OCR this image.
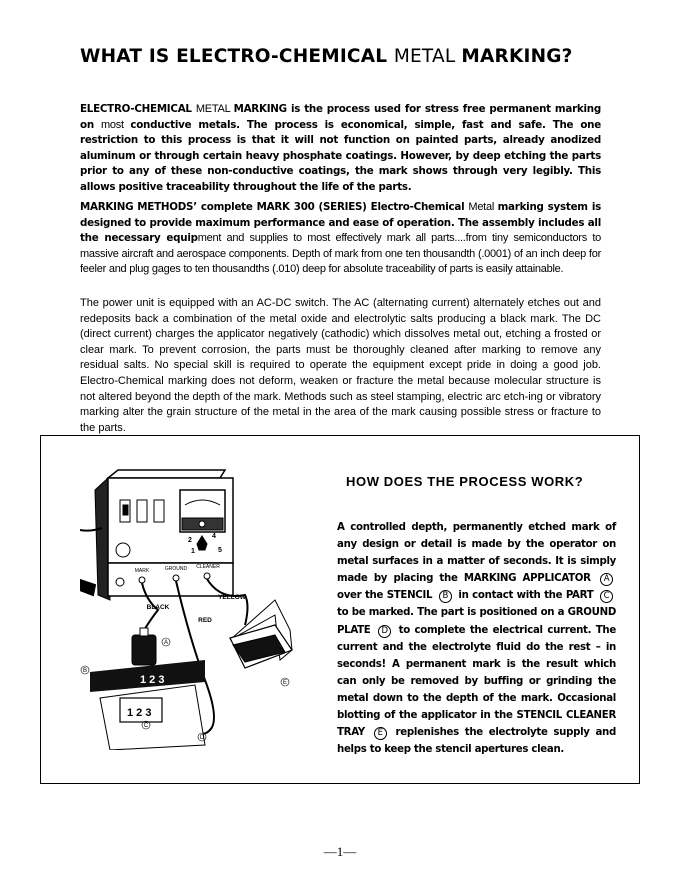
WHAT IS ELECTRO-CHEMICAL METAL MARKING?
ELECTRO-CHEMICAL METAL MARKING is the process used for stress free permanent marking on most conductive metals. The process is economical, simple, fast and safe. The one restriction to this process is that it will not function on painted parts, already anodized aluminum or through certain heavy phosphate coatings. However, by deep etching the parts prior to any of these non-conductive coatings, the mark shows through very legibly. This allows positive traceability throughout the life of the parts.
MARKING METHODS’ complete MARK 300 (SERIES) Electro-Chemical Metal marking system is designed to provide maximum performance and ease of operation. The assembly includes all the necessary equipment and supplies to most effectively mark all parts....from tiny semiconductors to massive aircraft and aerospace components. Depth of mark from one ten thousandth (.0001) of an inch deep for feeler and plug gages to ten thousandths (.010) deep for absolute traceability of parts is easily attainable.
The power unit is equipped with an AC-DC switch. The AC (alternating current) alternately etches out and redeposits back a combination of the metal oxide and electrolytic salts producing a black mark. The DC (direct current) charges the applicator negatively (cathodic) which dissolves metal out, etching a frosted or clear mark. To prevent corrosion, the parts must be thoroughly cleaned after marking to remove any residual salts. No special skill is required to operate the equipment except pride in doing a good job. Electro-Chemical marking does not deform, weaken or fracture the metal because molecular structure is not altered beyond the depth of the mark. Methods such as steel stamping, electric arc etch-ing or vibratory marking alter the grain structure of the metal in the area of the mark causing possible stress or fracture to the parts.
2
1
4
5
MARK	GROUND CLEANER
BLACK
RED
YELLOW
1 2 3
1 2 3
A
B
C
D
E
HOW DOES THE PROCESS WORK?
A controlled depth, permanently etched mark of any design or detail is made by the operator on metal surfaces in a matter of seconds. It is simply made by placing the MARKING APPLICATOR A over the STENCIL B in contact with the PART C to be marked. The part is positioned on a GROUND PLATE D to complete the electrical current. The current and the electrolyte fluid do the rest – in seconds! A permanent mark is the result which can only be removed by buffing or grinding the metal down to the depth of the mark. Occasional blotting of the applicator in the STENCIL CLEANER TRAY E replenishes the electrolyte supply and helps to keep the stencil apertures clean.
—1—
